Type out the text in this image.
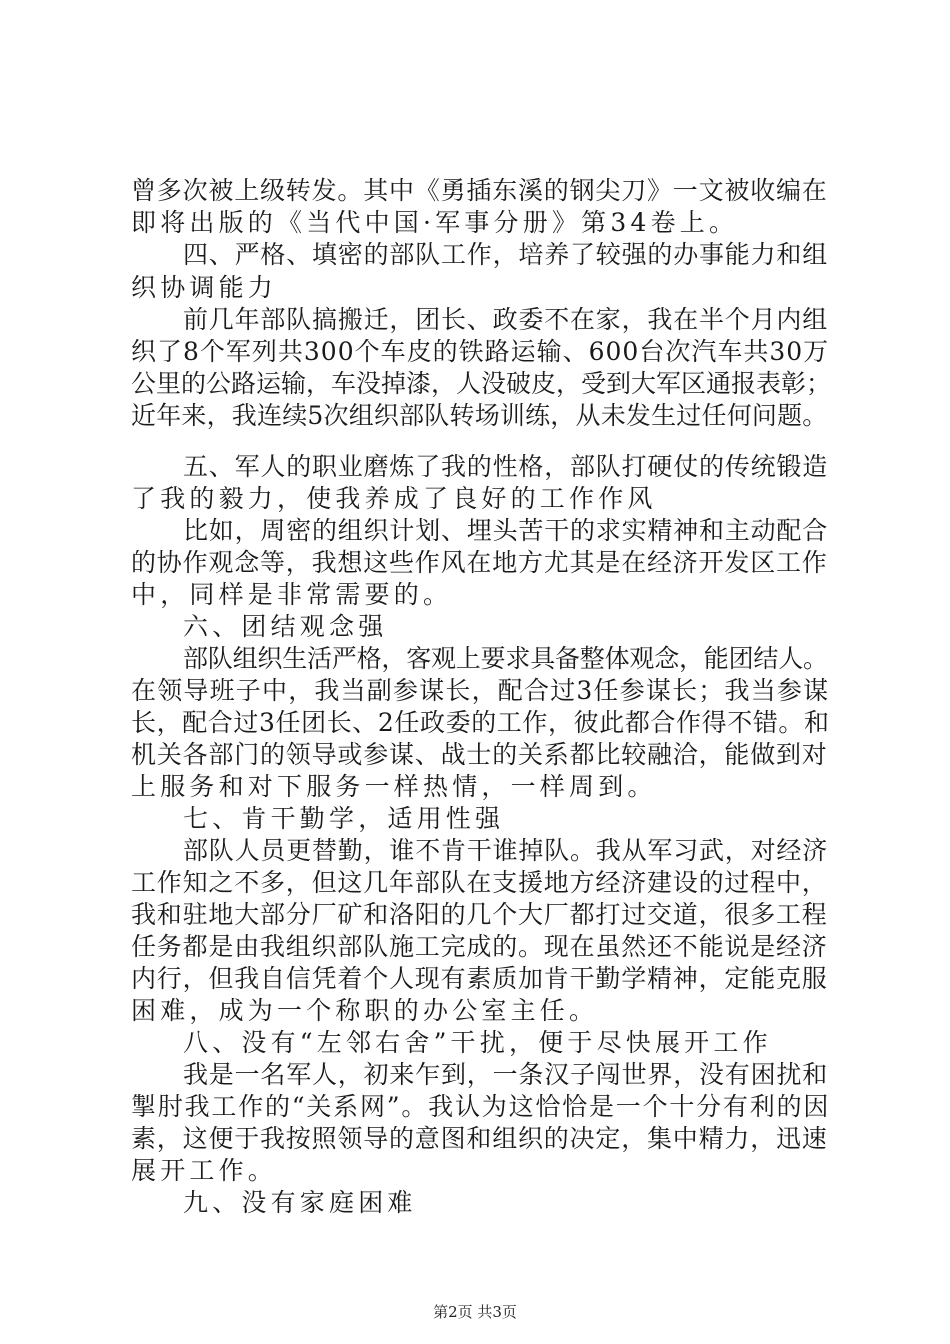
曾多次被上级转发。其中《勇插东溪的钢尖刀》一文被收编在
即将出版的《当代中国·军事分册》第34卷上。
四、严格、填密的部队工作，培养了较强的办事能力和组
织协调能力
前几年部队搞搬迁，团长、政委不在家，我在半个月内组
织了8个军列共300个车皮的铁路运输、600台次汽车共30万
公里的公路运输，车没掉漆，人没破皮，受到大军区通报表彰；
近年来，我连续5次组织部队转场训练，从未发生过任何问题。
五、军人的职业磨炼了我的性格，部队打硬仗的传统锻造
了我的毅力，使我养成了良好的工作作风
比如，周密的组织计划、埋头苦干的求实精神和主动配合
的协作观念等，我想这些作风在地方尤其是在经济开发区工作
中，同样是非常需要的。
六、团结观念强
部队组织生活严格，客观上要求具备整体观念，能团结人。
在领导班子中，我当副参谋长，配合过3任参谋长；我当参谋
长，配合过3任团长、2任政委的工作，彼此都合作得不错。和
机关各部门的领导或参谋、战士的关系都比较融洽，能做到对
上服务和对下服务一样热情，一样周到。
七、肯干勤学，适用性强
部队人员更替勤，谁不肯干谁掉队。我从军习武，对经济
工作知之不多，但这几年部队在支援地方经济建设的过程中，
我和驻地大部分厂矿和洛阳的几个大厂都打过交道，很多工程
任务都是由我组织部队施工完成的。现在虽然还不能说是经济
内行，但我自信凭着个人现有素质加肯干勤学精神，定能克服
困难，成为一个称职的办公室主任。
八、没有“左邻右舍”干扰，便于尽快展开工作
我是一名军人，初来乍到，一条汉子闯世界，没有困扰和
掣肘我工作的“关系网”。我认为这恰恰是一个十分有利的因
素，这便于我按照领导的意图和组织的决定，集中精力，迅速
展开工作。
九、没有家庭困难
第2页 共3页
